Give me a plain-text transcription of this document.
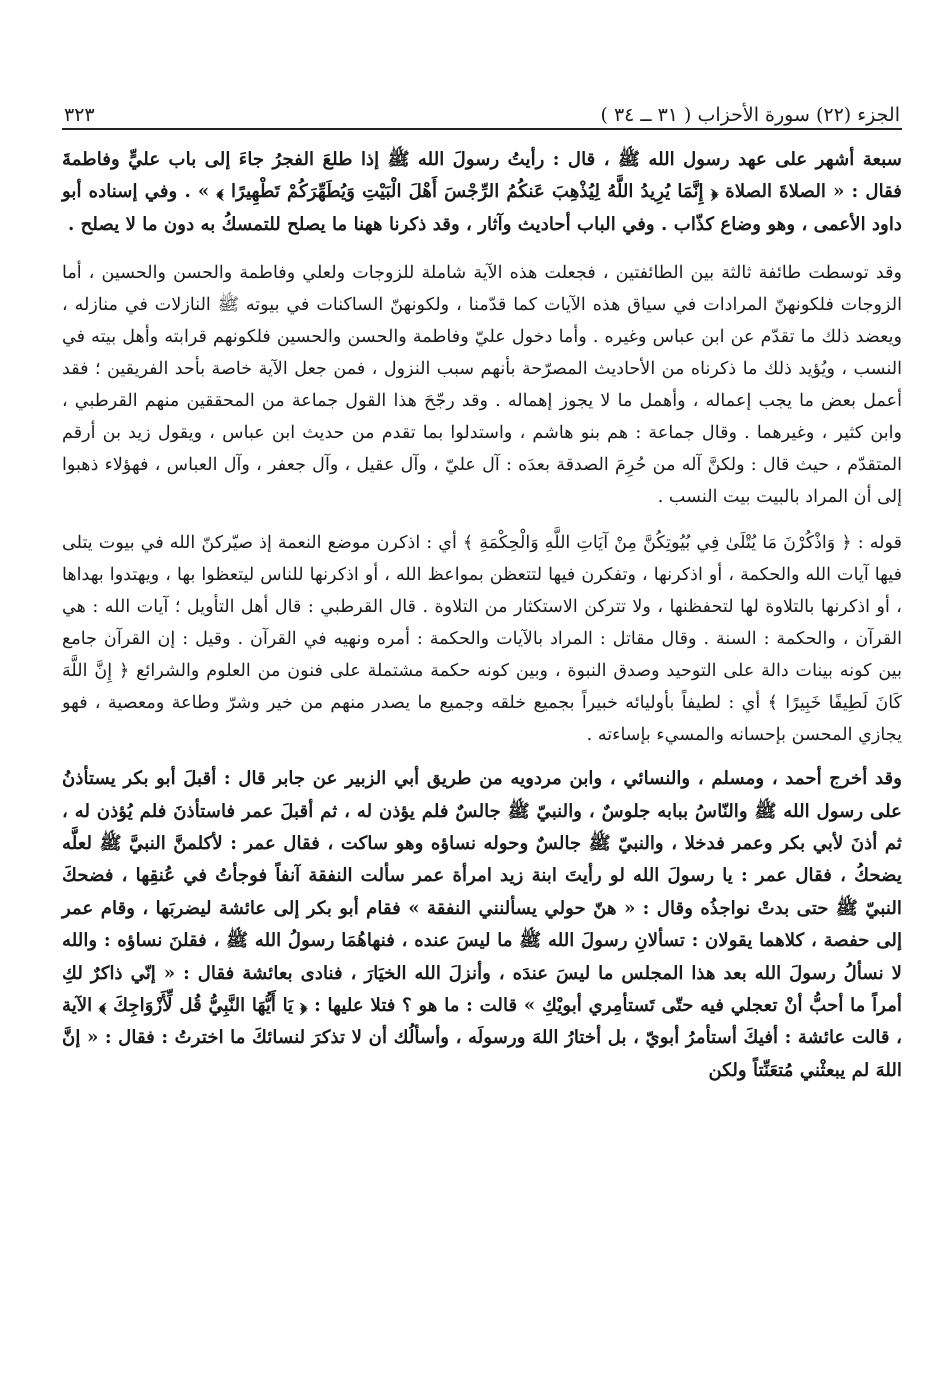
الجزء (٢٢) سورة الأحزاب ( ٣١ ــ ٣٤ )
٣٢٣

سبعة أشهر على عهد رسول الله ﷺ ، قال : رأيتُ رسولَ الله ﷺ إذا طلعَ الفجرُ جاءَ إلى باب عليٍّ وفاطمةَ فقال : « الصلاةَ الصلاة ﴿ إِنَّمَا يُرِيدُ اللَّهُ لِيُذْهِبَ عَنكُمُ الرِّجْسَ أَهْلَ الْبَيْتِ وَيُطَهِّرَكُمْ تَطْهِيرًا ﴾ » . وفي إسناده أبو داود الأعمى ، وهو وضاع كذّاب . وفي الباب أحاديث وآثار ، وقد ذكرنا ههنا ما يصلح للتمسكُ به دون ما لا يصلح .

وقد توسطت طائفة ثالثة بين الطائفتين ، فجعلت هذه الآية شاملة للزوجات ولعلي وفاطمة والحسن والحسين ، أما الزوجات فلكونهنّ المرادات في سياق هذه الآيات كما قدّمنا ، ولكونهنّ الساكنات في بيوته ﷺ النازلات في منازله ، ويعضد ذلك ما تقدّم عن ابن عباس وغيره . وأما دخول عليّ وفاطمة والحسن والحسين فلكونهم قرابته وأهل بيته في النسب ، ويُؤيد ذلك ما ذكرناه من الأحاديث المصرّحة بأنهم سبب النزول ، فمن جعل الآية خاصة بأحد الفريقين ؛ فقد أعمل بعض ما يجب إعماله ، وأهمل ما لا يجوز إهماله . وقد رجّحَ هذا القول جماعة من المحققين منهم القرطبي ، وابن كثير ، وغيرهما . وقال جماعة : هم بنو هاشم ، واستدلوا بما تقدم من حديث ابن عباس ، ويقول زيد بن أرقم المتقدّم ، حيث قال : ولكنَّ آله من حُرِمَ الصدقة بعدَه : آل عليّ ، وآل عقيل ، وآل جعفر ، وآل العباس ، فهؤلاء ذهبوا إلى أن المراد بالبيت بيت النسب .

قوله : ﴿ وَاذْكُرْنَ مَا يُتْلَىٰ فِي بُيُوتِكُنَّ مِنْ آيَاتِ اللَّهِ وَالْحِكْمَةِ ﴾ أي : اذكرن موضع النعمة إذ صيّركنّ الله في بيوت يتلى فيها آيات الله والحكمة ، أو اذكرنها ، وتفكرن فيها لتتعظن بمواعظ الله ، أو اذكرنها للناس ليتعظوا بها ، ويهتدوا بهداها ، أو اذكرنها بالتلاوة لها لتحفظنها ، ولا تتركن الاستكثار من التلاوة . قال القرطبي : قال أهل التأويل ؛ آيات الله : هي القرآن ، والحكمة : السنة . وقال مقاتل : المراد بالآيات والحكمة : أمره ونهيه في القرآن . وقيل : إن القرآن جامع بين كونه بينات دالة على التوحيد وصدق النبوة ، وبين كونه حكمة مشتملة على فنون من العلوم والشرائع ﴿ إِنَّ اللَّهَ كَانَ لَطِيفًا خَبِيرًا ﴾ أي : لطيفاً بأوليائه خبيراً بجميع خلقه وجميع ما يصدر منهم من خير وشرّ وطاعة ومعصية ، فهو يجازي المحسن بإحسانه والمسيء بإساءته .

وقد أخرج أحمد ، ومسلم ، والنسائي ، وابن مردويه من طريق أبي الزبير عن جابر قال : أقبلَ أبو بكر يستأذنُ على رسول الله ﷺ والنّاسُ ببابه جلوسٌ ، والنبيّ ﷺ جالسٌ فلم يؤذن له ، ثم أقبلَ عمر فاستأذنَ فلم يُؤذن له ، ثم أذنَ لأبي بكر وعمر فدخلا ، والنبيّ ﷺ جالسٌ وحوله نساؤه وهو ساكت ، فقال عمر : لأكلمنَّ النبيَّ ﷺ لعلَّه يضحكُ ، فقال عمر : يا رسولَ الله لو رأيتَ ابنة زيد امرأة عمر سألت النفقة آنفاً فوجأتُ في عُنقِها ، فضحكَ النبيّ ﷺ حتى بدتْ نواجذُه وقال : « هنّ حولي يسألنني النفقة » فقام أبو بكر إلى عائشة ليضربَها ، وقام عمر إلى حفصة ، كلاهما يقولان : تسألانِ رسولَ الله ﷺ ما ليسَ عنده ، فنهاهُمَا رسولُ الله ﷺ ، فقلنَ نساؤه : والله لا نسألُ رسولَ الله بعد هذا المجلس ما ليسَ عندَه ، وأنزلَ الله الخيَارَ ، فنادى بعائشة فقال : « إنّي ذاكرٌ لكِ أمراً ما أحبُّ أنْ تعجلي فيه حتّى تَستأمِري أبويْكِ » قالت : ما هو ؟ فتلا عليها : ﴿ يَا أَيُّهَا النَّبِيُّ قُل لِّأَزْوَاجِكَ ﴾ الآية ، قالت عائشة : أفيكَ أستأمرُ أبويّ ، بل أختارُ اللهَ ورسولَه ، وأسألُك أن لا تذكرَ لنسائكَ ما اخترتُ : فقال : « إنَّ اللهَ لم يبعثْني مُتعَنِّتاً ولكن
